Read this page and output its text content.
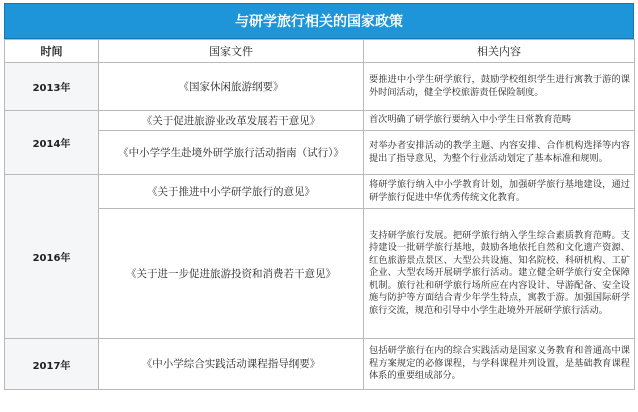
与研学旅行相关的国家政策
时间	国家文件	相关内容
2013年	《国家休闲旅游纲要》	要推进中小学生研学旅行，鼓励学校组织学生进行寓教于游的课外时间活动，健全学校旅游责任保险制度。
2014年	《关于促进旅游业改革发展若干意见》	首次明确了研学旅行要纳入中小学生日常教育范畴
	《中小学学生赴境外研学旅行活动指南（试行）》	对举办者安排活动的教学主题、内容安排、合作机构选择等内容提出了指导意见，为整个行业活动划定了基本标准和规则。
2016年	《关于推进中小学研学旅行的意见》	将研学旅行纳入中小学教育计划，加强研学旅行基地建设，通过研学旅行促进中华优秀传统文化教育。
	《关于进一步促进旅游投资和消费若干意见》	支持研学旅行发展。把研学旅行纳入学生综合素质教育范畴。支持建设一批研学旅行基地，鼓励各地依托自然和文化遗产资源、红色旅游景点景区、大型公共设施、知名院校、科研机构、工矿企业、大型农场开展研学旅行活动。建立健全研学旅行安全保障机制。旅行社和研学旅行场所应在内容设计、导游配备、安全设施与防护等方面结合青少年学生特点，寓教于游。加强国际研学旅行交流，规范和引导中小学生赴境外开展研学旅行活动。
2017年	《中小学综合实践活动课程指导纲要》	包括研学旅行在内的综合实践活动是国家义务教育和普通高中课程方案规定的必修课程，与学科课程并列设置，是基础教育课程体系的重要组成部分。
